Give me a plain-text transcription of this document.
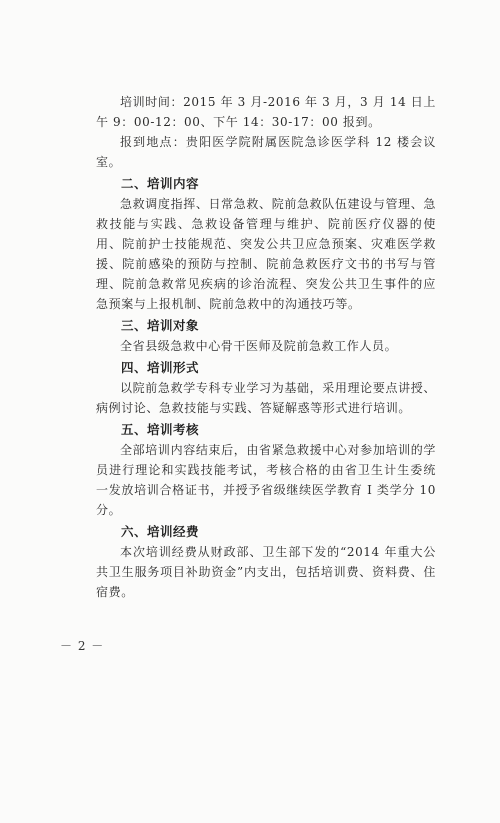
培训时间：2015 年 3 月-2016 年 3 月，3 月 14 日上午 9：00-12：00、下午 14：30-17：00 报到。

报到地点：贵阳医学院附属医院急诊医学科 12 楼会议室。

二、培训内容

急救调度指挥、日常急救、院前急救队伍建设与管理、急救技能与实践、急救设备管理与维护、院前医疗仪器的使用、院前护士技能规范、突发公共卫应急预案、灾难医学救援、院前感染的预防与控制、院前急救医疗文书的书写与管理、院前急救常见疾病的诊治流程、突发公共卫生事件的应急预案与上报机制、院前急救中的沟通技巧等。

三、培训对象

全省县级急救中心骨干医师及院前急救工作人员。

四、培训形式

以院前急救学专科专业学习为基础，采用理论要点讲授、病例讨论、急救技能与实践、答疑解惑等形式进行培训。

五、培训考核

全部培训内容结束后，由省紧急救援中心对参加培训的学员进行理论和实践技能考试，考核合格的由省卫生计生委统一发放培训合格证书，并授予省级继续医学教育 I 类学分 10 分。

六、培训经费

本次培训经费从财政部、卫生部下发的“2014 年重大公共卫生服务项目补助资金”内支出，包括培训费、资料费、住宿费。

－ 2 －
